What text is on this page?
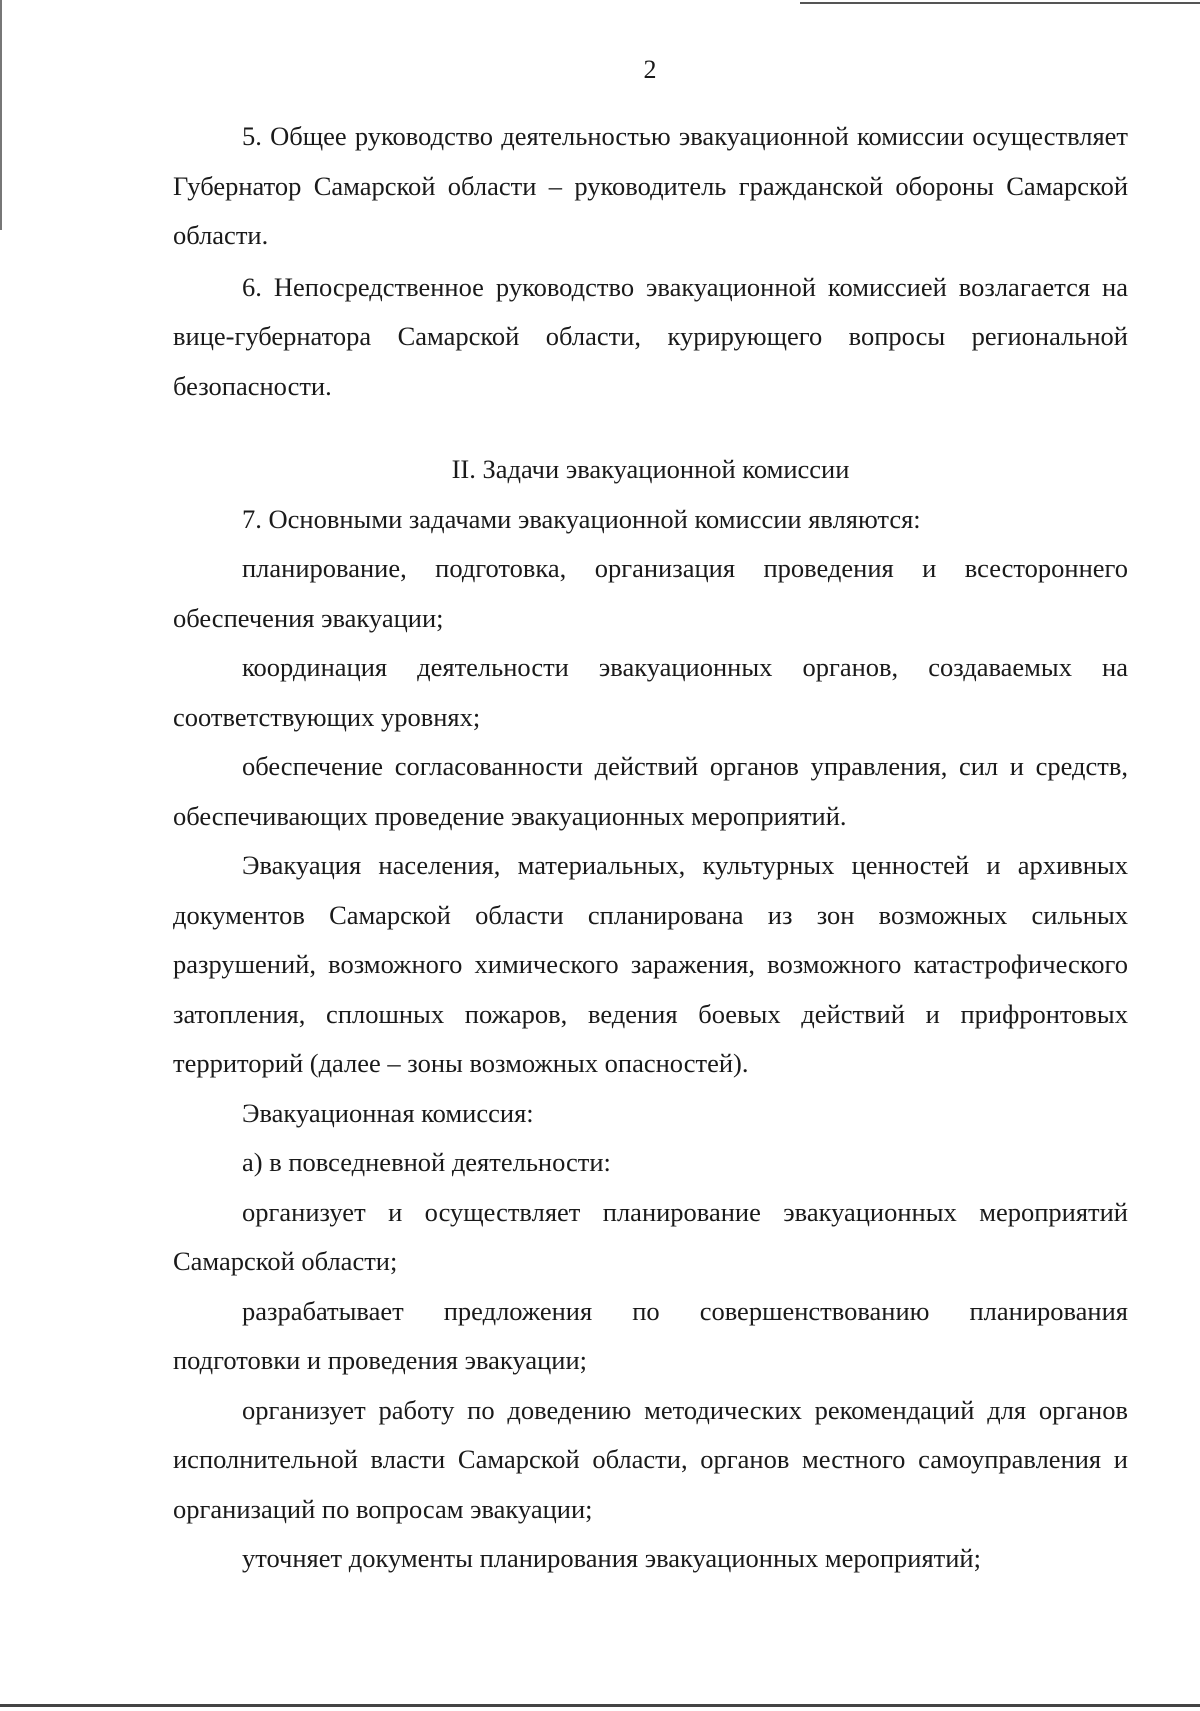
2

5. Общее руководство деятельностью эвакуационной комиссии осуществляет Губернатор Самарской области – руководитель гражданской обороны Самарской области.

6. Непосредственное руководство эвакуационной комиссией возлагается на вице-губернатора Самарской области, курирующего вопросы региональной безопасности.

II. Задачи эвакуационной комиссии

7. Основными задачами эвакуационной комиссии являются:

планирование, подготовка, организация проведения и всестороннего обеспечения эвакуации;

координация деятельности эвакуационных органов, создаваемых на соответствующих уровнях;

обеспечение согласованности действий органов управления, сил и средств, обеспечивающих проведение эвакуационных мероприятий.

Эвакуация населения, материальных, культурных ценностей и архивных документов Самарской области спланирована из зон возможных сильных разрушений, возможного химического заражения, возможного катастрофического затопления, сплошных пожаров, ведения боевых действий и прифронтовых территорий (далее – зоны возможных опасностей).

Эвакуационная комиссия:

а) в повседневной деятельности:

организует и осуществляет планирование эвакуационных мероприятий Самарской области;

разрабатывает предложения по совершенствованию планирования подготовки и проведения эвакуации;

организует работу по доведению методических рекомендаций для органов исполнительной власти Самарской области, органов местного самоуправления и организаций по вопросам эвакуации;

уточняет документы планирования эвакуационных мероприятий;
